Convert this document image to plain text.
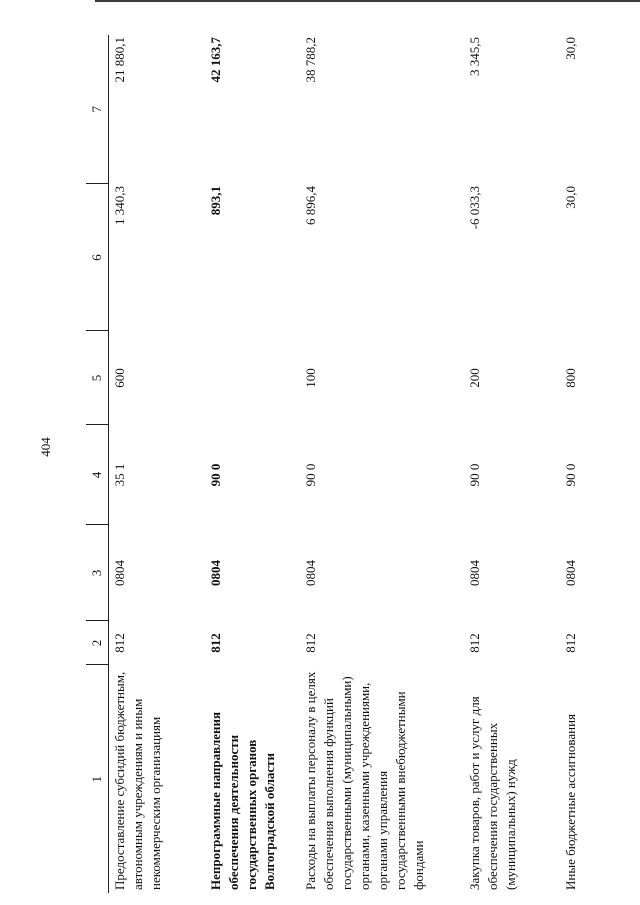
404
1	2	3	4	5	6	7
Предоставление субсидий бюджетным, автономным учреждениям и иным некоммерческим организациям	812	0804	35 1	600	1 340,3	21 880,1
Непрограммные направления обеспечения деятельности государственных органов Волгоградской области	812	0804	90 0		893,1	42 163,7
Расходы на выплаты персоналу в целях обеспечения выполнения функций государственными (муниципальными) органами, казенными учреждениями, органами управления государственными внебюджетными фондами	812	0804	90 0	100	6 896,4	38 788,2
Закупка товаров, работ и услуг для обеспечения государственных (муниципальных) нужд	812	0804	90 0	200	-6 033,3	3 345,5
Иные бюджетные ассигнования	812	0804	90 0	800	30,0	30,0
